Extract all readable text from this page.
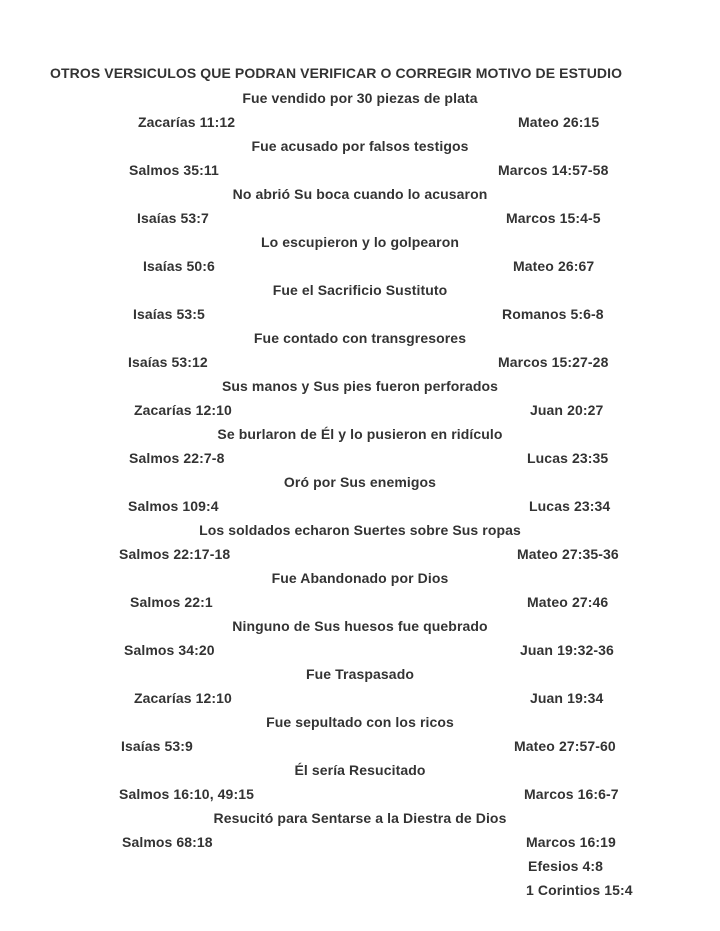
OTROS VERSICULOS QUE PODRAN VERIFICAR O CORREGIR MOTIVO DE ESTUDIO
Fue vendido por 30 piezas de plata
Zacarías 11:12	Mateo 26:15
Fue acusado por falsos testigos
Salmos 35:11	Marcos 14:57-58
No abrió Su boca cuando lo acusaron
Isaías 53:7	Marcos 15:4-5
Lo escupieron y lo golpearon
Isaías 50:6	Mateo 26:67
Fue el Sacrificio Sustituto
Isaías 53:5	Romanos 5:6-8
Fue contado con transgresores
Isaías 53:12	Marcos 15:27-28
Sus manos y Sus pies fueron perforados
Zacarías 12:10	Juan 20:27
Se burlaron de Él y lo pusieron en ridículo
Salmos 22:7-8	Lucas 23:35
Oró por Sus enemigos
Salmos 109:4	Lucas 23:34
Los soldados echaron Suertes sobre Sus ropas
Salmos 22:17-18	Mateo 27:35-36
Fue Abandonado por Dios
Salmos 22:1	Mateo 27:46
Ninguno de Sus huesos fue quebrado
Salmos 34:20	Juan 19:32-36
Fue Traspasado
Zacarías 12:10	Juan 19:34
Fue sepultado con los ricos
Isaías 53:9	Mateo 27:57-60
Él sería Resucitado
Salmos 16:10, 49:15	Marcos 16:6-7
Resucitó para Sentarse a la Diestra de Dios
Salmos 68:18	Marcos 16:19
Efesios 4:8
1 Corintios 15:4
